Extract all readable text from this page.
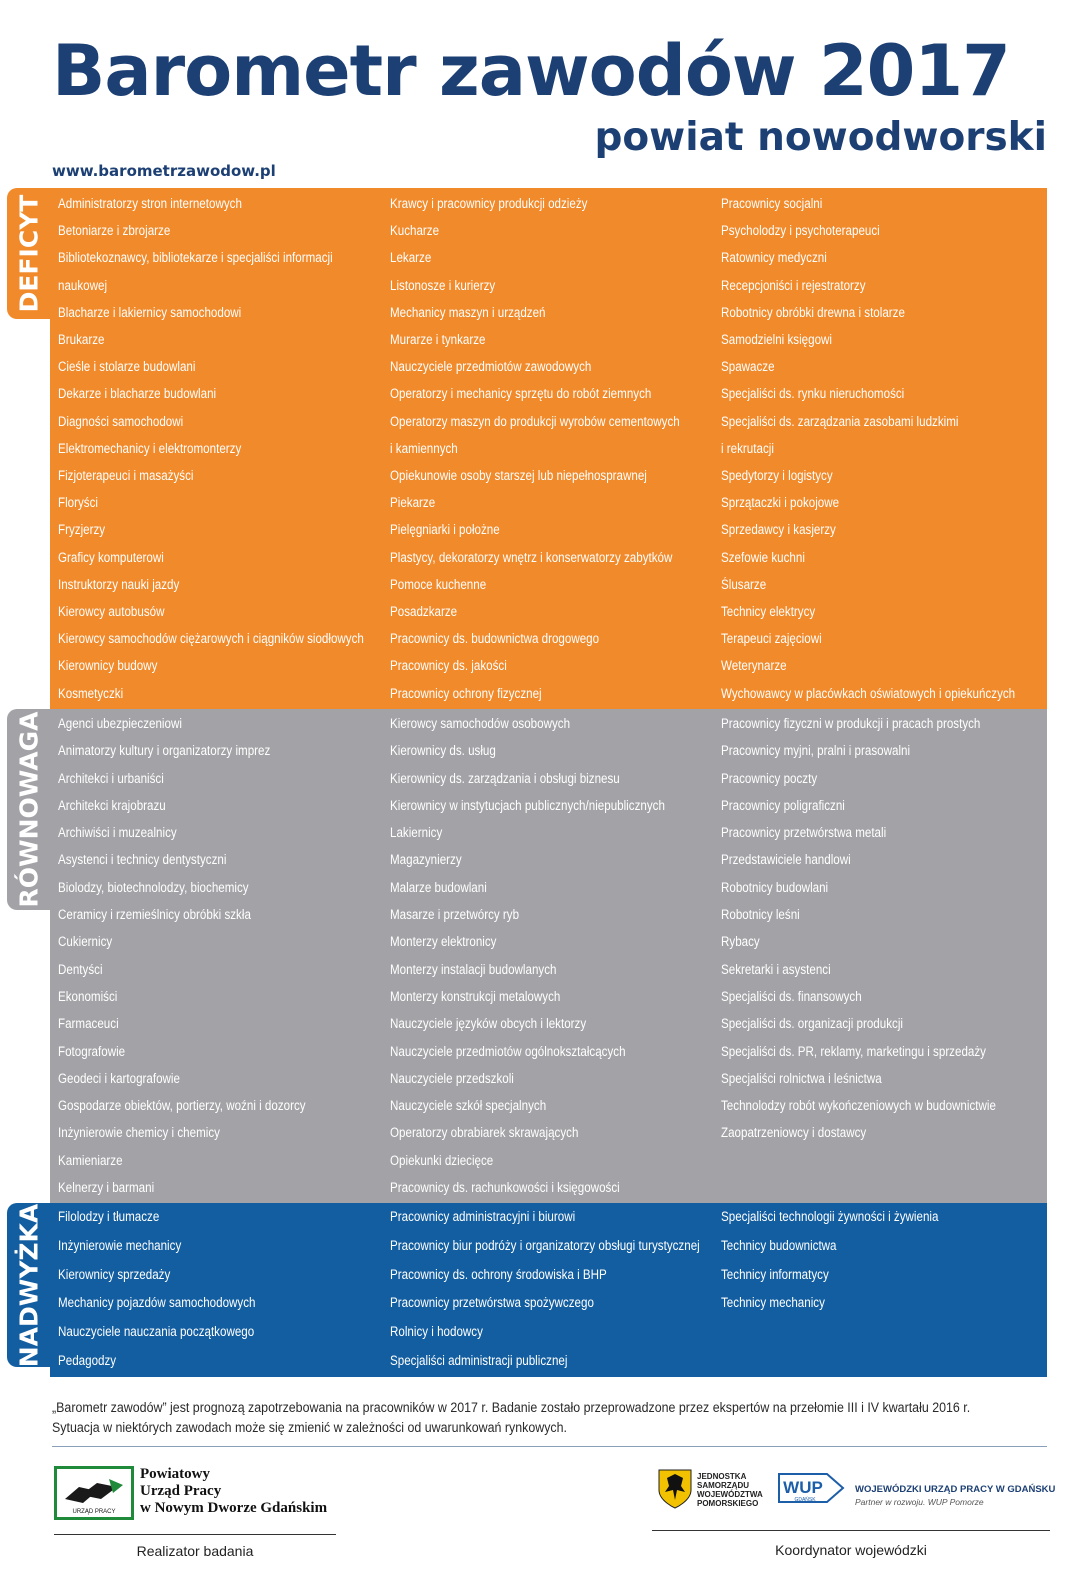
Barometr zawodów 2017
powiat nowodworski
www.barometrzawodow.pl
Administratorzy stron internetowych
Betoniarze i zbrojarze
Bibliotekoznawcy, bibliotekarze i specjaliści informacji
naukowej
Blacharze i lakiernicy samochodowi
Brukarze
Cieśle i stolarze budowlani
Dekarze i blacharze budowlani
Diagności samochodowi
Elektromechanicy i elektromonterzy
Fizjoterapeuci i masażyści
Floryści
Fryzjerzy
Graficy komputerowi
Instruktorzy nauki jazdy
Kierowcy autobusów
Kierowcy samochodów ciężarowych i ciągników siodłowych
Kierownicy budowy
Kosmetyczki
Krawcy i pracownicy produkcji odzieży
Kucharze
Lekarze
Listonosze i kurierzy
Mechanicy maszyn i urządzeń
Murarze i tynkarze
Nauczyciele przedmiotów zawodowych
Operatorzy i mechanicy sprzętu do robót ziemnych
Operatorzy maszyn do produkcji wyrobów cementowych
i kamiennych
Opiekunowie osoby starszej lub niepełnosprawnej
Piekarze
Pielęgniarki i położne
Plastycy, dekoratorzy wnętrz i konserwatorzy zabytków
Pomoce kuchenne
Posadzkarze
Pracownicy ds. budownictwa drogowego
Pracownicy ds. jakości
Pracownicy ochrony fizycznej
Pracownicy socjalni
Psycholodzy i psychoterapeuci
Ratownicy medyczni
Recepcjoniści i rejestratorzy
Robotnicy obróbki drewna i stolarze
Samodzielni księgowi
Spawacze
Specjaliści ds. rynku nieruchomości
Specjaliści ds. zarządzania zasobami ludzkimi
i rekrutacji
Spedytorzy i logistycy
Sprzątaczki i pokojowe
Sprzedawcy i kasjerzy
Szefowie kuchni
Ślusarze
Technicy elektrycy
Terapeuci zajęciowi
Weterynarze
Wychowawcy w placówkach oświatowych i opiekuńczych
DEFICYT
Agenci ubezpieczeniowi
Animatorzy kultury i organizatorzy imprez
Architekci i urbaniści
Architekci krajobrazu
Archiwiści i muzealnicy
Asystenci i technicy dentystyczni
Biolodzy, biotechnolodzy, biochemicy
Ceramicy i rzemieślnicy obróbki szkła
Cukiernicy
Dentyści
Ekonomiści
Farmaceuci
Fotografowie
Geodeci i kartografowie
Gospodarze obiektów, portierzy, woźni i dozorcy
Inżynierowie chemicy i chemicy
Kamieniarze
Kelnerzy i barmani
Kierowcy samochodów osobowych
Kierownicy ds. usług
Kierownicy ds. zarządzania i obsługi biznesu
Kierownicy w instytucjach publicznych/niepublicznych
Lakiernicy
Magazynierzy
Malarze budowlani
Masarze i przetwórcy ryb
Monterzy elektronicy
Monterzy instalacji budowlanych
Monterzy konstrukcji metalowych
Nauczyciele języków obcych i lektorzy
Nauczyciele przedmiotów ogólnokształcących
Nauczyciele przedszkoli
Nauczyciele szkół specjalnych
Operatorzy obrabiarek skrawających
Opiekunki dziecięce
Pracownicy ds. rachunkowości i księgowości
Pracownicy fizyczni w produkcji i pracach prostych
Pracownicy myjni, pralni i prasowalni
Pracownicy poczty
Pracownicy poligraficzni
Pracownicy przetwórstwa metali
Przedstawiciele handlowi
Robotnicy budowlani
Robotnicy leśni
Rybacy
Sekretarki i asystenci
Specjaliści ds. finansowych
Specjaliści ds. organizacji produkcji
Specjaliści ds. PR, reklamy, marketingu i sprzedaży
Specjaliści rolnictwa i leśnictwa
Technolodzy robót wykończeniowych w budownictwie
Zaopatrzeniowcy i dostawcy
RÓWNOWAGA
Filolodzy i tłumacze
Inżynierowie mechanicy
Kierownicy sprzedaży
Mechanicy pojazdów samochodowych
Nauczyciele nauczania początkowego
Pedagodzy
Pracownicy administracyjni i biurowi
Pracownicy biur podróży i organizatorzy obsługi turystycznej
Pracownicy ds. ochrony środowiska i BHP
Pracownicy przetwórstwa spożywczego
Rolnicy i hodowcy
Specjaliści administracji publicznej
Specjaliści technologii żywności i żywienia
Technicy budownictwa
Technicy informatycy
Technicy mechanicy
NADWYŻKA
„Barometr zawodów” jest prognozą zapotrzebowania na pracowników w 2017 r. Badanie zostało przeprowadzone przez ekspertów na przełomie III i IV kwartału 2016 r.
Sytuacja w niektórych zawodach może się zmienić w zależności od uwarunkowań rynkowych.
URZĄD PRACY
Powiatowy
Urząd Pracy
w Nowym Dworze Gdańskim
Realizator badania
JEDNOSTKA
SAMORZĄDU
WOJEWÓDZTWA
POMORSKIEGO
WUP
GDAŃSK
WOJEWÓDZKI URZĄD PRACY W GDAŃSKU
Partner w rozwoju. WUP Pomorze
Koordynator wojewódzki
